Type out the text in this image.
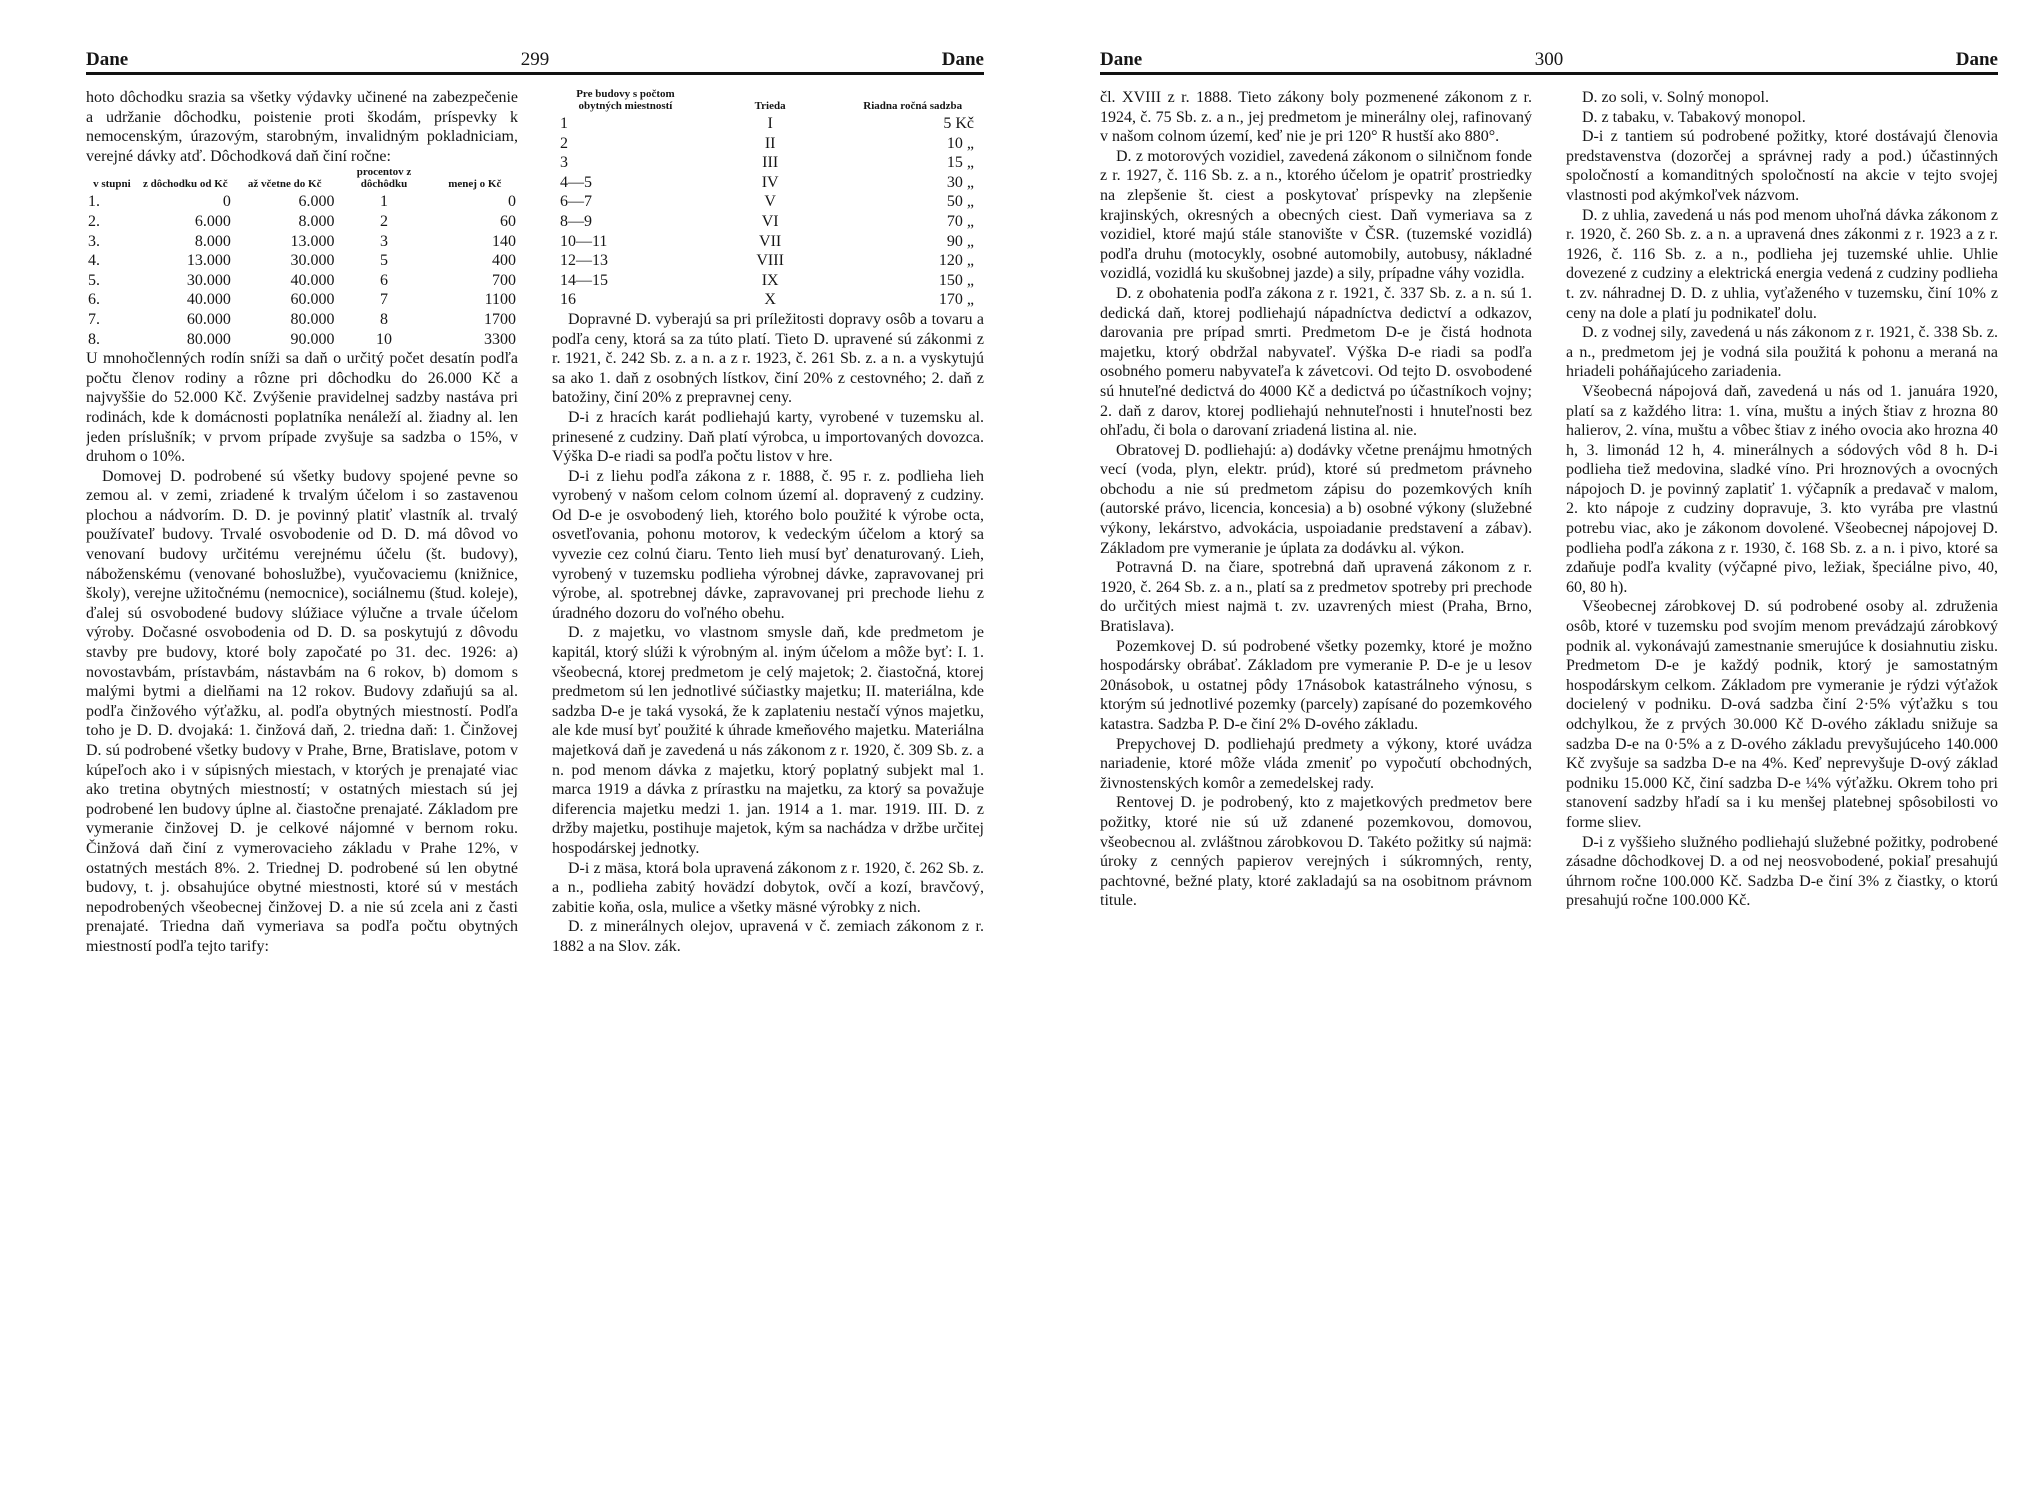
Dane	299	Dane

hoto dôchodku srazia sa všetky výdavky učinené na zabezpečenie a udržanie dôchodku, poistenie proti škodám, príspevky k nemocenským, úrazovým, starobným, invalidným pokladniciam, verejné dávky atď. Dôchodková daň činí ročne:

v stupni	z dôchodku od Kč	až včetne do Kč	procentov z dôchôdku	menej o Kč
1.	0	6.000	1	0
2.	6.000	8.000	2	60
3.	8.000	13.000	3	140
4.	13.000	30.000	5	400
5.	30.000	40.000	6	700
6.	40.000	60.000	7	1100
7.	60.000	80.000	8	1700
8.	80.000	90.000	10	3300

U mnohočlenných rodín sníži sa daň o určitý počet desatín podľa počtu členov rodiny a rôzne pri dôchodku do 26.000 Kč a najvyššie do 52.000 Kč. Zvýšenie pravidelnej sadzby nastáva pri rodinách, kde k domácnosti poplatníka nenáleží al. žiadny al. len jeden príslušník; v prvom prípade zvyšuje sa sadzba o 15%, v druhom o 10%.

Domovej D. podrobené sú všetky budovy spojené pevne so zemou al. v zemi, zriadené k trvalým účelom i so zastavenou plochou a nádvorím. D. D. je povinný platiť vlastník al. trvalý používateľ budovy. Trvalé osvobodenie od D. D. má dôvod vo venovaní budovy určitému verejnému účelu (št. budovy), náboženskému (venované bohoslužbe), vyučovaciemu (knižnice, školy), verejne užitočnému (nemocnice), sociálnemu (štud. koleje), ďalej sú osvobodené budovy slúžiace výlučne a trvale účelom výroby. Dočasné osvobodenia od D. D. sa poskytujú z dôvodu stavby pre budovy, ktoré boly započaté po 31. dec. 1926: a) novostavbám, prístavbám, nástavbám na 6 rokov, b) domom s malými bytmi a dielňami na 12 rokov. Budovy zdaňujú sa al. podľa činžového výťažku, al. podľa obytných miestností. Podľa toho je D. D. dvojaká: 1. činžová daň, 2. triedna daň: 1. Činžovej D. sú podrobené všetky budovy v Prahe, Brne, Bratislave, potom v kúpeľoch ako i v súpisných miestach, v ktorých je prenajaté viac ako tretina obytných miestností; v ostatných miestach sú jej podrobené len budovy úplne al. čiastočne prenajaté. Základom pre vymeranie činžovej D. je celkové nájomné v bernom roku. Činžová daň činí z vymerovacieho základu v Prahe 12%, v ostatných mestách 8%. 2. Triednej D. podrobené sú len obytné budovy, t. j. obsahujúce obytné miestnosti, ktoré sú v mestách nepodrobených všeobecnej činžovej D. a nie sú zcela ani z časti prenajaté. Triedna daň vymeriava sa podľa počtu obytných miestností podľa tejto tarify:

Pre budovy s počtom obytných miestností	Trieda	Riadna ročná sadzba
1	I	5 Kč
2	II	10 „
3	III	15 „
4—5	IV	30 „
6—7	V	50 „
8—9	VI	70 „
10—11	VII	90 „
12—13	VIII	120 „
14—15	IX	150 „
16	X	170 „

Dopravné D. vyberajú sa pri príležitosti dopravy osôb a tovaru a podľa ceny, ktorá sa za túto platí. Tieto D. upravené sú zákonmi z r. 1921, č. 242 Sb. z. a n. a z r. 1923, č. 261 Sb. z. a n. a vyskytujú sa ako 1. daň z osobných lístkov, činí 20% z cestovného; 2. daň z batožiny, činí 20% z prepravnej ceny.

D-i z hracích karát podliehajú karty, vyrobené v tuzemsku al. prinesené z cudziny. Daň platí výrobca, u importovaných dovozca. Výška D-e riadi sa podľa počtu listov v hre.

D-i z liehu podľa zákona z r. 1888, č. 95 r. z. podlieha lieh vyrobený v našom celom colnom území al. dopravený z cudziny. Od D-e je osvobodený lieh, ktorého bolo použité k výrobe octa, osvetľovania, pohonu motorov, k vedeckým účelom a ktorý sa vyvezie cez colnú čiaru. Tento lieh musí byť denaturovaný. Lieh, vyrobený v tuzemsku podlieha výrobnej dávke, zapravovanej pri výrobe, al. spotrebnej dávke, zapravovanej pri prechode liehu z úradného dozoru do voľného obehu.

D. z majetku, vo vlastnom smysle daň, kde predmetom je kapitál, ktorý slúži k výrobným al. iným účelom a môže byť: I. 1. všeobecná, ktorej predmetom je celý majetok; 2. čiastočná, ktorej predmetom sú len jednotlivé súčiastky majetku; II. materiálna, kde sadzba D-e je taká vysoká, že k zaplateniu nestačí výnos majetku, ale kde musí byť použité k úhrade kmeňového majetku. Materiálna majetková daň je zavedená u nás zákonom z r. 1920, č. 309 Sb. z. a n. pod menom dávka z majetku, ktorý poplatný subjekt mal 1. marca 1919 a dávka z prírastku na majetku, za ktorý sa považuje diferencia majetku medzi 1. jan. 1914 a 1. mar. 1919. III. D. z držby majetku, postihuje majetok, kým sa nachádza v držbe určitej hospodárskej jednotky.

D-i z mäsa, ktorá bola upravená zákonom z r. 1920, č. 262 Sb. z. a n., podlieha zabitý hovädzí dobytok, ovčí a kozí, bravčový, zabitie koňa, osla, mulice a všetky mäsné výrobky z nich.

D. z minerálnych olejov, upravená v č. zemiach zákonom z r. 1882 a na Slov. zák.

Dane	300	Dane

čl. XVIII z r. 1888. Tieto zákony boly pozmenené zákonom z r. 1924, č. 75 Sb. z. a n., jej predmetom je minerálny olej, rafinovaný v našom colnom území, keď nie je pri 120° R hustší ako 880°.

D. z motorových vozidiel, zavedená zákonom o silničnom fonde z r. 1927, č. 116 Sb. z. a n., ktorého účelom je opatriť prostriedky na zlepšenie št. ciest a poskytovať príspevky na zlepšenie krajinských, okresných a obecných ciest. Daň vymeriava sa z vozidiel, ktoré majú stále stanovište v ČSR. (tuzemské vozidlá) podľa druhu (motocykly, osobné automobily, autobusy, nákladné vozidlá, vozidlá ku skušobnej jazde) a sily, prípadne váhy vozidla.

D. z obohatenia podľa zákona z r. 1921, č. 337 Sb. z. a n. sú 1. dedická daň, ktorej podliehajú nápadníctva dedictví a odkazov, darovania pre prípad smrti. Predmetom D-e je čistá hodnota majetku, ktorý obdržal nabyvateľ. Výška D-e riadi sa podľa osobného pomeru nabyvateľa k závetcovi. Od tejto D. osvobodené sú hnuteľné dedictvá do 4000 Kč a dedictvá po účastníkoch vojny; 2. daň z darov, ktorej podliehajú nehnuteľnosti i hnuteľnosti bez ohľadu, či bola o darovaní zriadená listina al. nie.

Obratovej D. podliehajú: a) dodávky včetne prenájmu hmotných vecí (voda, plyn, elektr. prúd), ktoré sú predmetom právneho obchodu a nie sú predmetom zápisu do pozemkových kníh (autorské právo, licencia, koncesia) a b) osobné výkony (služebné výkony, lekárstvo, advokácia, uspoiadanie predstavení a zábav). Základom pre vymeranie je úplata za dodávku al. výkon.

Potravná D. na čiare, spotrebná daň upravená zákonom z r. 1920, č. 264 Sb. z. a n., platí sa z predmetov spotreby pri prechode do určitých miest najmä t. zv. uzavrených miest (Praha, Brno, Bratislava).

Pozemkovej D. sú podrobené všetky pozemky, ktoré je možno hospodársky obrábať. Základom pre vymeranie P. D-e je u lesov 20násobok, u ostatnej pôdy 17násobok katastrálneho výnosu, s ktorým sú jednotlivé pozemky (parcely) zapísané do pozemkového katastra. Sadzba P. D-e činí 2% D-ového základu.

Prepychovej D. podliehajú predmety a výkony, ktoré uvádza nariadenie, ktoré môže vláda zmeniť po vypočutí obchodných, živnostenských komôr a zemedelskej rady.

Rentovej D. je podrobený, kto z majetkových predmetov bere požitky, ktoré nie sú už zdanené pozemkovou, domovou, všeobecnou al. zvláštnou zárobkovou D. Takéto požitky sú najmä: úroky z cenných papierov verejných i súkromných, renty, pachtovné, bežné platy, ktoré zakladajú sa na osobitnom právnom titule.

D. zo soli, v. Solný monopol.

D. z tabaku, v. Tabakový monopol.

D-i z tantiem sú podrobené požitky, ktoré dostávajú členovia predstavenstva (dozorčej a správnej rady a pod.) účastinných spoločností a komanditných spoločností na akcie v tejto svojej vlastnosti pod akýmkoľvek názvom.

D. z uhlia, zavedená u nás pod menom uhoľná dávka zákonom z r. 1920, č. 260 Sb. z. a n. a upravená dnes zákonmi z r. 1923 a z r. 1926, č. 116 Sb. z. a n., podlieha jej tuzemské uhlie. Uhlie dovezené z cudziny a elektrická energia vedená z cudziny podlieha t. zv. náhradnej D. D. z uhlia, vyťaženého v tuzemsku, činí 10% z ceny na dole a platí ju podnikateľ dolu.

D. z vodnej sily, zavedená u nás zákonom z r. 1921, č. 338 Sb. z. a n., predmetom jej je vodná sila použitá k pohonu a meraná na hriadeli poháňajúceho zariadenia.

Všeobecná nápojová daň, zavedená u nás od 1. januára 1920, platí sa z každého litra: 1. vína, muštu a iných štiav z hrozna 80 halierov, 2. vína, muštu a vôbec štiav z iného ovocia ako hrozna 40 h, 3. limonád 12 h, 4. minerálnych a sódových vôd 8 h. D-i podlieha tiež medovina, sladké víno. Pri hroznových a ovocných nápojoch D. je povinný zaplatiť 1. výčapník a predavač v malom, 2. kto nápoje z cudziny dopravuje, 3. kto vyrába pre vlastnú potrebu viac, ako je zákonom dovolené. Všeobecnej nápojovej D. podlieha podľa zákona z r. 1930, č. 168 Sb. z. a n. i pivo, ktoré sa zdaňuje podľa kvality (výčapné pivo, ležiak, špeciálne pivo, 40, 60, 80 h).

Všeobecnej zárobkovej D. sú podrobené osoby al. združenia osôb, ktoré v tuzemsku pod svojím menom prevádzajú zárobkový podnik al. vykonávajú zamestnanie smerujúce k dosiahnutiu zisku. Predmetom D-e je každý podnik, ktorý je samostatným hospodárskym celkom. Základom pre vymeranie je rýdzi výťažok docielený v podniku. D-ová sadzba činí 2·5% výťažku s tou odchylkou, že z prvých 30.000 Kč D-ového základu snižuje sa sadzba D-e na 0·5% a z D-ového základu prevyšujúceho 140.000 Kč zvyšuje sa sadzba D-e na 4%. Keď neprevyšuje D-ový základ podniku 15.000 Kč, činí sadzba D-e ¼% výťažku. Okrem toho pri stanovení sadzby hľadí sa i ku menšej platebnej spôsobilosti vo forme sliev.

D-i z vyššieho služného podliehajú služebné požitky, podrobené zásadne dôchodkovej D. a od nej neosvobodené, pokiaľ presahujú úhrnom ročne 100.000 Kč. Sadzba D-e činí 3% z čiastky, o ktorú presahujú ročne 100.000 Kč.
